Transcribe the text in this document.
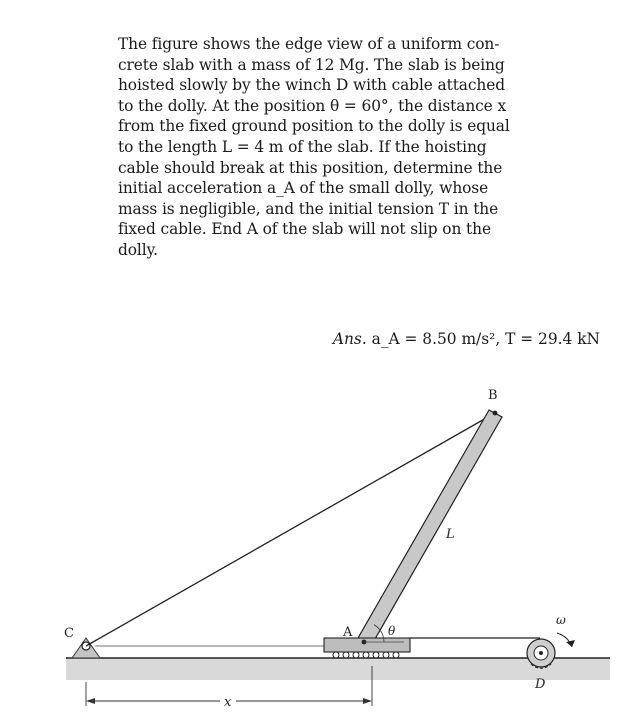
The figure shows the edge view of a uniform con-
crete slab with a mass of 12 Mg. The slab is being
hoisted slowly by the winch D with cable attached
to the dolly. At the position θ = 60°, the distance x
from the fixed ground position to the dolly is equal
to the length L = 4 m of the slab. If the hoisting
cable should break at this position, determine the
initial acceleration a_A of the small dolly, whose
mass is negligible, and the initial tension T in the
fixed cable. End A of the slab will not slip on the
dolly.
Ans. a_A = 8.50 m/s², T = 29.4 kN
B
L
C	A	θ
ω
D
x
